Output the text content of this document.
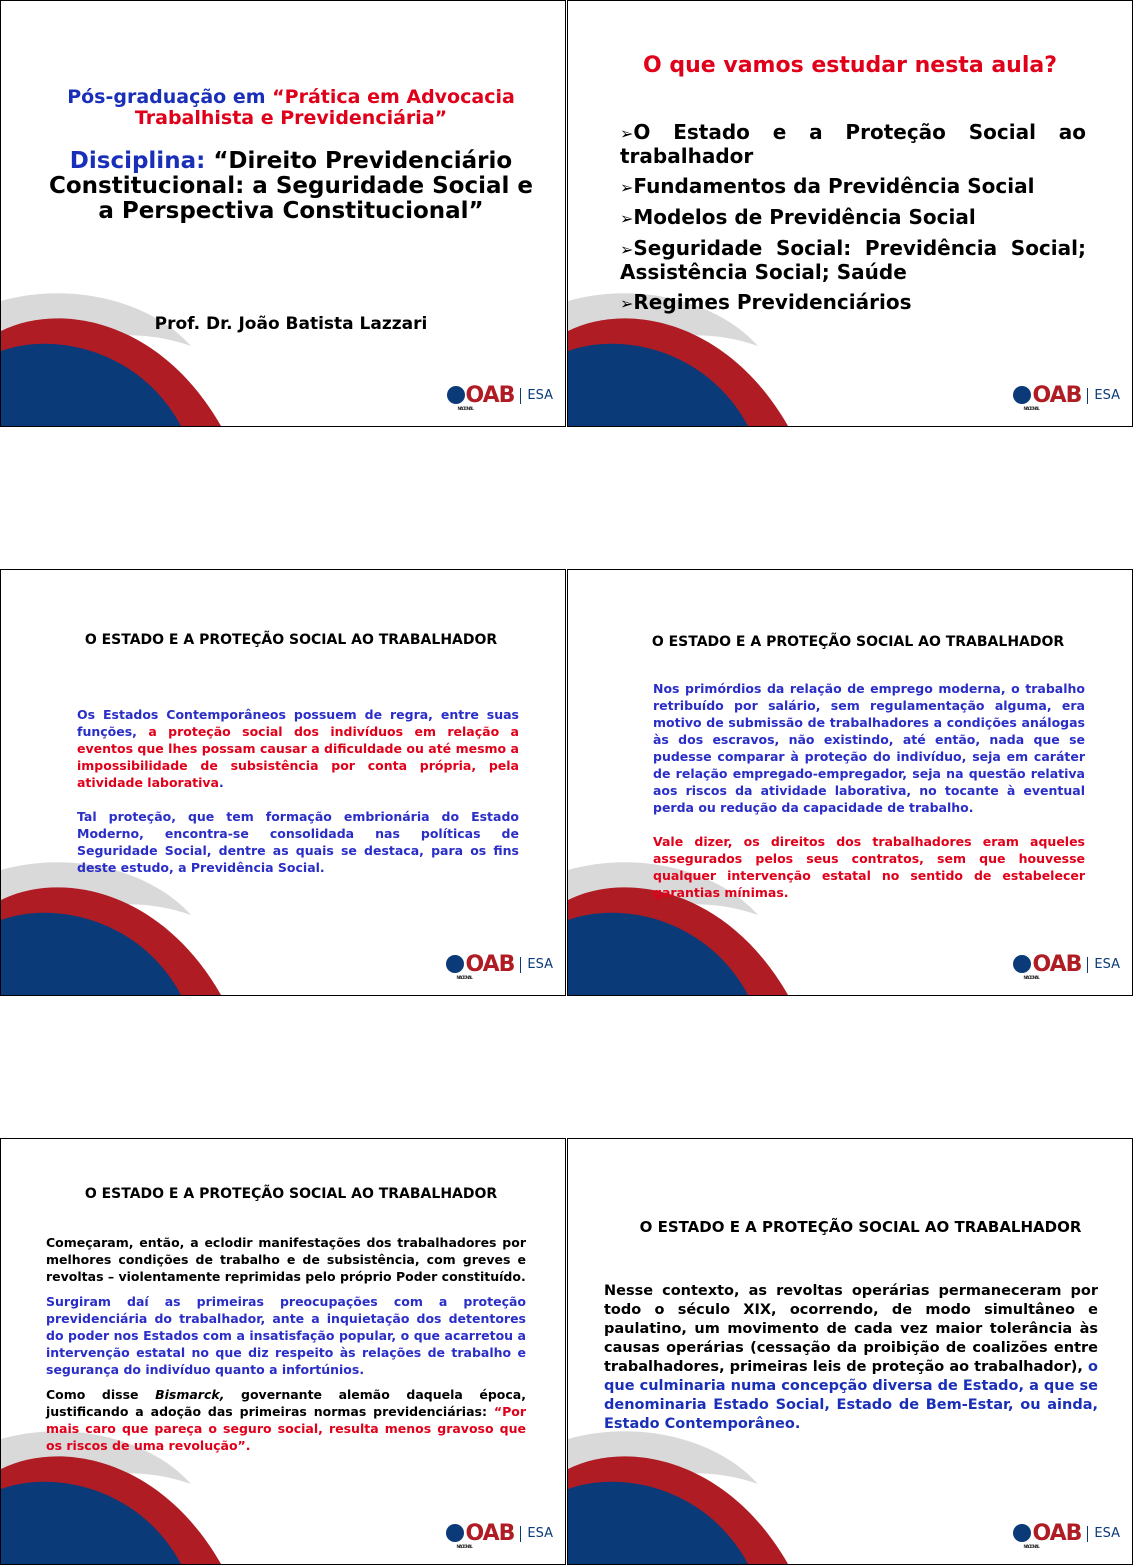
Pós-graduação em “Prática em Advocacia Trabalhista e Previdenciária”
Disciplina: “Direito Previdenciário Constitucional: a Seguridade Social e a Perspectiva Constitucional”
Prof. Dr. João Batista Lazzari
OAB
NACIONAL
ESA
O que vamos estudar nesta aula?
➢O Estado e a Proteção Social ao trabalhador
➢Fundamentos da Previdência Social
➢Modelos de Previdência Social
➢Seguridade Social: Previdência Social; Assistência Social; Saúde
➢Regimes Previdenciários
OAB
NACIONAL
ESA
O ESTADO E A PROTEÇÃO SOCIAL AO TRABALHADOR

Os Estados Contemporâneos possuem de regra, entre suas funções, a proteção social dos indivíduos em relação a eventos que lhes possam causar a dificuldade ou até mesmo a impossibilidade de subsistência por conta própria, pela atividade laborativa.

Tal proteção, que tem formação embrionária do Estado Moderno, encontra-se consolidada nas políticas de Seguridade Social, dentre as quais se destaca, para os fins deste estudo, a Previdência Social.

OAB
NACIONAL
ESA
O ESTADO E A PROTEÇÃO SOCIAL AO TRABALHADOR

Nos primórdios da relação de emprego moderna, o trabalho retribuído por salário, sem regulamentação alguma, era motivo de submissão de trabalhadores a condições análogas às dos escravos, não existindo, até então, nada que se pudesse comparar à proteção do indivíduo, seja em caráter de relação empregado-empregador, seja na questão relativa aos riscos da atividade laborativa, no tocante à eventual perda ou redução da capacidade de trabalho.

Vale dizer, os direitos dos trabalhadores eram aqueles assegurados pelos seus contratos, sem que houvesse qualquer intervenção estatal no sentido de estabelecer garantias mínimas.

OAB
NACIONAL
ESA
O ESTADO E A PROTEÇÃO SOCIAL AO TRABALHADOR

Começaram, então, a eclodir manifestações dos trabalhadores por melhores condições de trabalho e de subsistência, com greves e revoltas – violentamente reprimidas pelo próprio Poder constituído.

Surgiram daí as primeiras preocupações com a proteção previdenciária do trabalhador, ante a inquietação dos detentores do poder nos Estados com a insatisfação popular, o que acarretou a intervenção estatal no que diz respeito às relações de trabalho e segurança do indivíduo quanto a infortúnios.

Como disse Bismarck, governante alemão daquela época, justificando a adoção das primeiras normas previdenciárias: “Por mais caro que pareça o seguro social, resulta menos gravoso que os riscos de uma revolução”.

OAB
NACIONAL
ESA
O ESTADO E A PROTEÇÃO SOCIAL AO TRABALHADOR

Nesse contexto, as revoltas operárias permaneceram por todo o século XIX, ocorrendo, de modo simultâneo e paulatino, um movimento de cada vez maior tolerância às causas operárias (cessação da proibição de coalizões entre trabalhadores, primeiras leis de proteção ao trabalhador), o que culminaria numa concepção diversa de Estado, a que se denominaria Estado Social, Estado de Bem-Estar, ou ainda, Estado Contemporâneo.

OAB
NACIONAL
ESA
